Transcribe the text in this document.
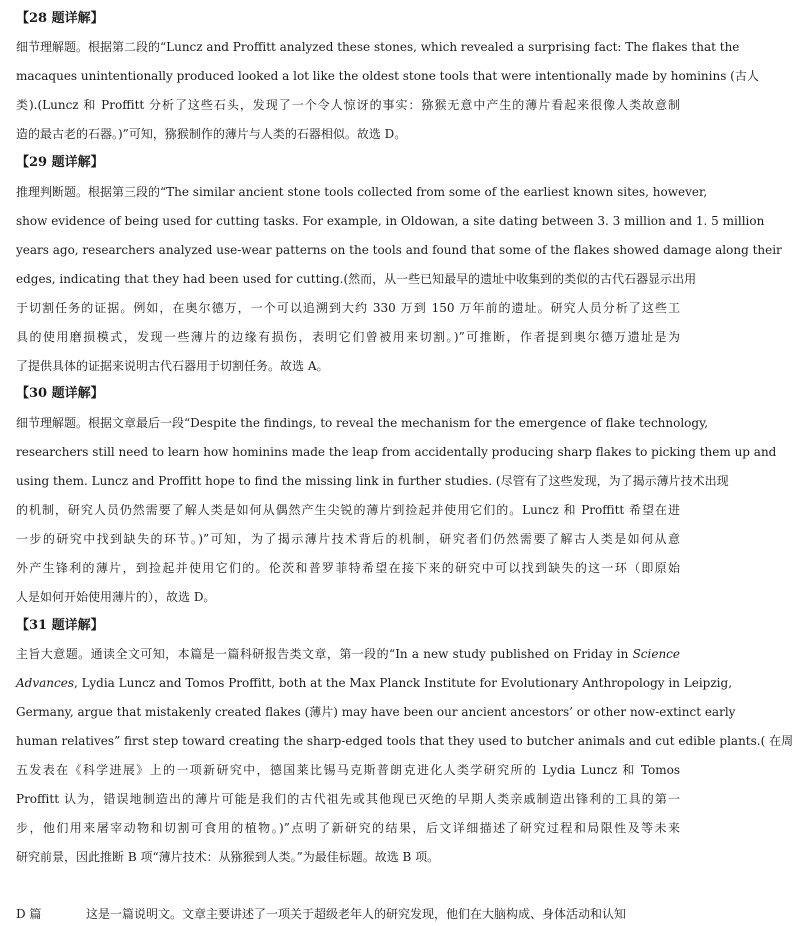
【28 题详解】
细节理解题。根据第二段的“Luncz and Proffitt analyzed these stones, which revealed a surprising fact: The flakes that the
macaques unintentionally produced looked a lot like the oldest stone tools that were intentionally made by hominins (古人
类).(Luncz 和 Proffitt 分析了这些石头，发现了一个令人惊讶的事实：猕猴无意中产生的薄片看起来很像人类故意制
造的最古老的石器。)”可知，猕猴制作的薄片与人类的石器相似。故选 D。
【29 题详解】
推理判断题。根据第三段的“The similar ancient stone tools collected from some of the earliest known sites, however,
show evidence of being used for cutting tasks. For example, in Oldowan, a site dating between 3. 3 million and 1. 5 million
years ago, researchers analyzed use-wear patterns on the tools and found that some of the flakes showed damage along their
edges, indicating that they had been used for cutting.(然而，从一些已知最早的遗址中收集到的类似的古代石器显示出用
于切割任务的证据。例如，在奥尔德万，一个可以追溯到大约 330 万到 150 万年前的遗址。研究人员分析了这些工
具的使用磨损模式，发现一些薄片的边缘有损伤，表明它们曾被用来切割。)”可推断，作者提到奥尔德万遗址是为
了提供具体的证据来说明古代石器用于切割任务。故选 A。
【30 题详解】
细节理解题。根据文章最后一段“Despite the findings, to reveal the mechanism for the emergence of flake technology,
researchers still need to learn how hominins made the leap from accidentally producing sharp flakes to picking them up and
using them. Luncz and Proffitt hope to find the missing link in further studies. (尽管有了这些发现，为了揭示薄片技术出现
的机制，研究人员仍然需要了解人类是如何从偶然产生尖锐的薄片到捡起并使用它们的。Luncz 和 Proffitt 希望在进
一步的研究中找到缺失的环节。)”可知，为了揭示薄片技术背后的机制，研究者们仍然需要了解古人类是如何从意
外产生锋利的薄片，到捡起并使用它们的。伦茨和普罗菲特希望在接下来的研究中可以找到缺失的这一环（即原始
人是如何开始使用薄片的），故选 D。
【31 题详解】
主旨大意题。通读全文可知，本篇是一篇科研报告类文章，第一段的“In a new study published on Friday in Science
Advances, Lydia Luncz and Tomos Proffitt, both at the Max Planck Institute for Evolutionary Anthropology in Leipzig,
Germany, argue that mistakenly created flakes (薄片) may have been our ancient ancestors’ or other now-extinct early
human relatives” first step toward creating the sharp-edged tools that they used to butcher animals and cut edible plants.( 在周
五发表在《科学进展》上的一项新研究中，德国莱比锡马克斯普朗克进化人类学研究所的 Lydia Luncz 和 Tomos
Proffitt 认为，错误地制造出的薄片可能是我们的古代祖先或其他现已灭绝的早期人类亲戚制造出锋利的工具的第一
步，他们用来屠宰动物和切割可食用的植物。)”点明了新研究的结果，后文详细描述了研究过程和局限性及等未来
研究前景，因此推断 B 项“薄片技术：从猕猴到人类。”为最佳标题。故选 B 项。
D 篇	这是一篇说明文。文章主要讲述了一项关于超级老年人的研究发现，他们在大脑构成、身体活动和认知
